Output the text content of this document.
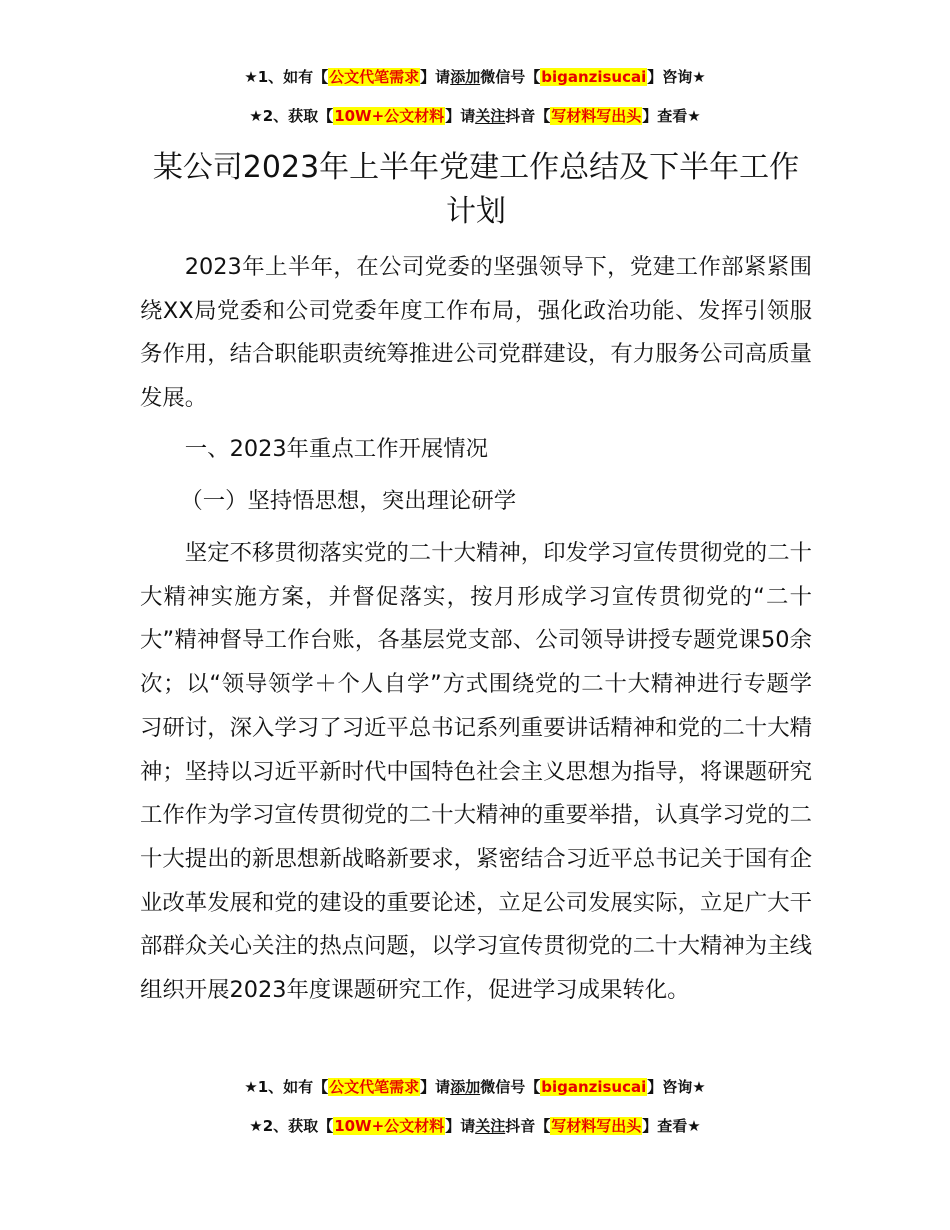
★1、如有【公文代笔需求】请添加微信号【biganzisucai】咨询★
★2、获取【10W+公文材料】请关注抖音【写材料写出头】查看★
某公司2023年上半年党建工作总结及下半年工作计划

2023年上半年，在公司党委的坚强领导下，党建工作部紧紧围绕XX局党委和公司党委年度工作布局，强化政治功能、发挥引领服务作用，结合职能职责统筹推进公司党群建设，有力服务公司高质量发展。

一、2023年重点工作开展情况

（一）坚持悟思想，突出理论研学

坚定不移贯彻落实党的二十大精神，印发学习宣传贯彻党的二十大精神实施方案，并督促落实，按月形成学习宣传贯彻党的“二十大”精神督导工作台账，各基层党支部、公司领导讲授专题党课50余次；以“领导领学＋个人自学”方式围绕党的二十大精神进行专题学习研讨，深入学习了习近平总书记系列重要讲话精神和党的二十大精神；坚持以习近平新时代中国特色社会主义思想为指导，将课题研究工作作为学习宣传贯彻党的二十大精神的重要举措，认真学习党的二十大提出的新思想新战略新要求，紧密结合习近平总书记关于国有企业改革发展和党的建设的重要论述，立足公司发展实际，立足广大干部群众关心关注的热点问题，以学习宣传贯彻党的二十大精神为主线组织开展2023年度课题研究工作，促进学习成果转化。

★1、如有【公文代笔需求】请添加微信号【biganzisucai】咨询★
★2、获取【10W+公文材料】请关注抖音【写材料写出头】查看★
